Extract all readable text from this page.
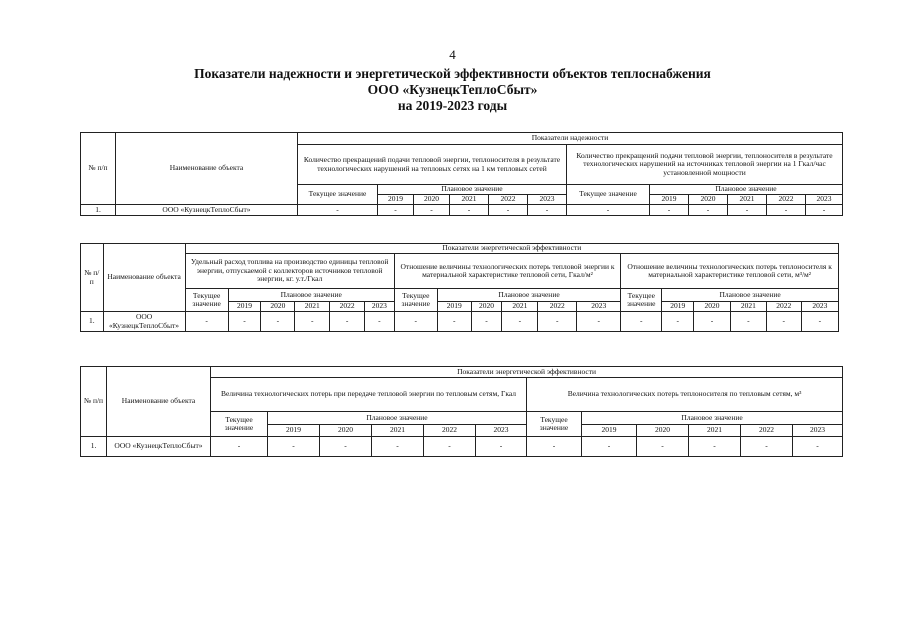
4
Показатели надежности и энергетической эффективности объектов теплоснабжения
ООО «КузнецкТеплоСбыт»
на 2019-2023 годы
№ п/п	Наименование объекта	Показатели надежности											
		Количество прекращений подачи тепловой энергии, теплоносителя в результате технологических нарушений на тепловых сетях на 1 км тепловых сетей						Количество прекращений подачи тепловой энергии, теплоносителя в результате технологических нарушений на источниках тепловой энергии на 1 Гкал/час установленной мощности					
		Текущее значение	Плановое значение					Текущее значение	Плановое значение				
			2019	2020	2021	2022	2023		2019	2020	2021	2022	2023
1.	ООО «КузнецкТеплоСбыт»	-	-	-	-	-	-	-	-	-	-	-	-
№ п/п	Наименование объекта	Показатели энергетической эффективности																	
		Удельный расход топлива на производство единицы тепловой энергии, отпускаемой с коллекторов источников тепловой энергии, кг. у.т./Гкал						Отношение величины технологических потерь тепловой энергии к материальной характеристике тепловой сети, Гкал/м²						Отношение величины технологических потерь теплоносителя к материальной характеристике тепловой сети, м³/м²					
		Текущее значение	Плановое значение					Текущее значение	Плановое значение					Текущее значение	Плановое значение				
			2019	2020	2021	2022	2023		2019	2020	2021	2022	2023		2019	2020	2021	2022	2023
1.	ООО «КузнецкТеплоСбыт»	-	-	-	-	-	-	-	-	-	-	-	-	-	-	-	-	-	-
№ п/п	Наименование объекта	Показатели энергетической эффективности											
		Величина технологических потерь при передаче тепловой энергии по тепловым сетям, Гкал						Величина технологических потерь теплоносителя по тепловым сетям, м³					
		Текущее значение	Плановое значение					Текущее значение	Плановое значение				
			2019	2020	2021	2022	2023		2019	2020	2021	2022	2023
1.	ООО «КузнецкТеплоСбыт»	-	-	-	-	-	-	-	-	-	-	-	-
